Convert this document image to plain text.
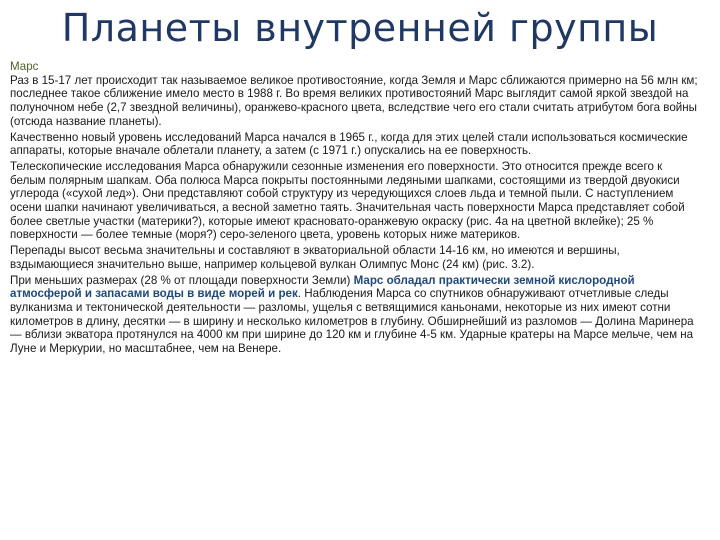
Планеты внутренней группы

Марс

Раз в 15-17 лет происходит так называемое великое противостояние, когда Земля и Марс сближаются примерно на 56 млн км; последнее такое сближение имело место в 1988 г. Во время великих противостояний Марс выглядит самой яркой звездой на полуночном небе (2,7 звездной величины), оранжево-красного цвета, вследствие чего его стали считать атрибутом бога войны (отсюда название планеты).

Качественно новый уровень исследований Марса начался в 1965 г., когда для этих целей стали использоваться космические аппараты, которые вначале облетали планету, а затем (с 1971 г.) опускались на ее поверхность.

Телескопические исследования Марса обнаружили сезонные изменения его поверхности. Это относится прежде всего к белым полярным шапкам. Оба полюса Марса покрыты постоянными ледяными шапками, состоящими из твердой двуокиси углерода («сухой лед»). Они представляют собой структуру из чередующихся слоев льда и темной пыли. С наступлением осени шапки начинают увеличиваться, а весной заметно таять. Значительная часть поверхности Марса представляет собой более светлые участки (материки?), которые имеют красновато-оранжевую окраску (рис. 4а на цветной вклейке); 25 % поверхности — более темные (моря?) серо-зеленого цвета, уровень которых ниже материков.

Перепады высот весьма значительны и составляют в экваториальной области 14-16 км, но имеются и вершины, вздымающиеся значительно выше, например кольцевой вулкан Олимпус Монс (24 км) (рис. 3.2).

При меньших размерах (28 % от площади поверхности Земли) Марс обладал практически земной кислородной атмосферой и запасами воды в виде морей и рек. Наблюдения Марса со спутников обнаруживают отчетливые следы вулканизма и тектонической деятельности — разломы, ущелья с ветвящимися каньонами, некоторые из них имеют сотни километров в длину, десятки — в ширину и несколько километров в глубину. Обширнейший из разломов — Долина Маринера — вблизи экватора протянулся на 4000 км при ширине до 120 км и глубине 4-5 км. Ударные кратеры на Марсе мельче, чем на Луне и Меркурии, но масштабнее, чем на Венере.
